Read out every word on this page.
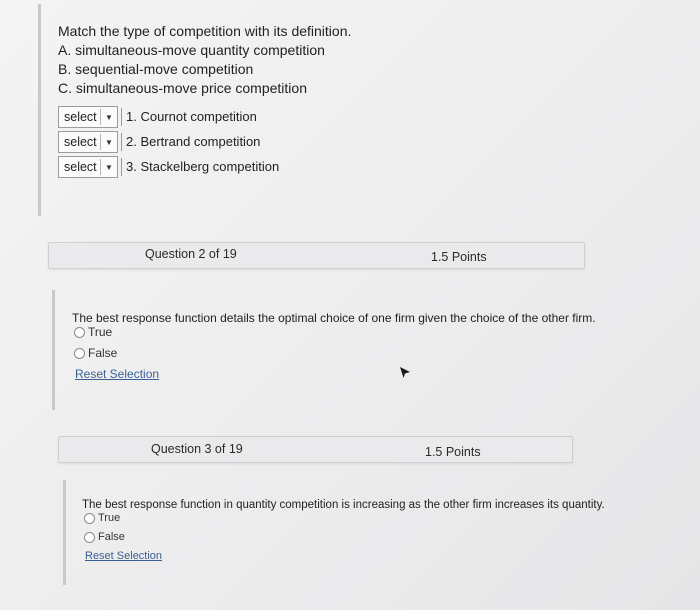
Match the type of competition with its definition.
A. simultaneous-move quantity competition
B. sequential-move competition
C. simultaneous-move price competition
select	▼	1. Cournot competition
select	▼	2. Bertrand competition
select	▼	3. Stackelberg competition
Question 2 of 19	1.5 Points
The best response function details the optimal choice of one firm given the choice of the other firm.
True
False
Reset Selection
Question 3 of 19	1.5 Points
The best response function in quantity competition is increasing as the other firm increases its quantity.
True
False
Reset Selection
